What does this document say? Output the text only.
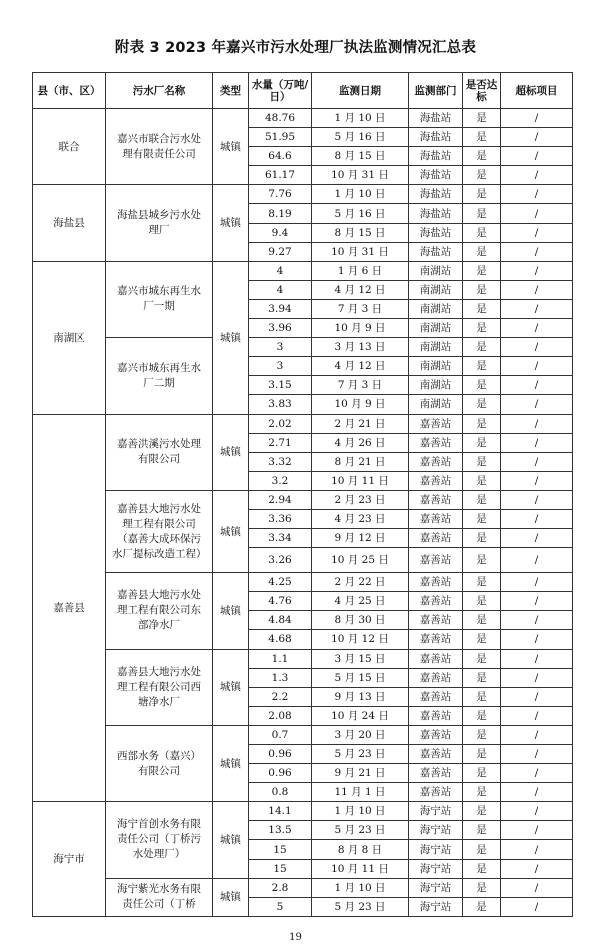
附表 3 2023 年嘉兴市污水处理厂执法监测情况汇总表
县（市、区）	污水厂名称	类型	水量（万吨/日）	监测日期	监测部门	是否达标	超标项目
联合	嘉兴市联合污水处理有限责任公司	城镇	48.76	1 月 10 日	海盐站	是	/
			51.95	5 月 16 日	海盐站	是	/
			64.6	8 月 15 日	海盐站	是	/
			61.17	10 月 31 日	海盐站	是	/
海盐县	海盐县城乡污水处理厂	城镇	7.76	1 月 10 日	海盐站	是	/
			8.19	5 月 16 日	海盐站	是	/
			9.4	8 月 15 日	海盐站	是	/
			9.27	10 月 31 日	海盐站	是	/
南湖区	嘉兴市城东再生水厂一期	城镇	4	1 月 6 日	南湖站	是	/
			4	4 月 12 日	南湖站	是	/
			3.94	7 月 3 日	南湖站	是	/
			3.96	10 月 9 日	南湖站	是	/
	嘉兴市城东再生水厂二期		3	3 月 13 日	南湖站	是	/
			3	4 月 12 日	南湖站	是	/
			3.15	7 月 3 日	南湖站	是	/
			3.83	10 月 9 日	南湖站	是	/
嘉善县	嘉善洪溪污水处理有限公司	城镇	2.02	2 月 21 日	嘉善站	是	/
			2.71	4 月 26 日	嘉善站	是	/
			3.32	8 月 21 日	嘉善站	是	/
			3.2	10 月 11 日	嘉善站	是	/
	嘉善县大地污水处理工程有限公司（嘉善大成环保污水厂提标改造工程）	城镇	2.94	2 月 23 日	嘉善站	是	/
			3.36	4 月 23 日	嘉善站	是	/
			3.34	9 月 12 日	嘉善站	是	/
			3.26	10 月 25 日	嘉善站	是	/
	嘉善县大地污水处理工程有限公司东部净水厂	城镇	4.25	2 月 22 日	嘉善站	是	/
			4.76	4 月 25 日	嘉善站	是	/
			4.84	8 月 30 日	嘉善站	是	/
			4.68	10 月 12 日	嘉善站	是	/
	嘉善县大地污水处理工程有限公司西塘净水厂	城镇	1.1	3 月 15 日	嘉善站	是	/
			1.3	5 月 15 日	嘉善站	是	/
			2.2	9 月 13 日	嘉善站	是	/
			2.08	10 月 24 日	嘉善站	是	/
	西部水务（嘉兴）有限公司	城镇	0.7	3 月 20 日	嘉善站	是	/
			0.96	5 月 23 日	嘉善站	是	/
			0.96	9 月 21 日	嘉善站	是	/
			0.8	11 月 1 日	嘉善站	是	/
海宁市	海宁首创水务有限责任公司（丁桥污水处理厂）	城镇	14.1	1 月 10 日	海宁站	是	/
			13.5	5 月 23 日	海宁站	是	/
			15	8 月 8 日	海宁站	是	/
			15	10 月 11 日	海宁站	是	/
	海宁紫光水务有限责任公司（丁桥	城镇	2.8	1 月 10 日	海宁站	是	/
			5	5 月 23 日	海宁站	是	/
19
